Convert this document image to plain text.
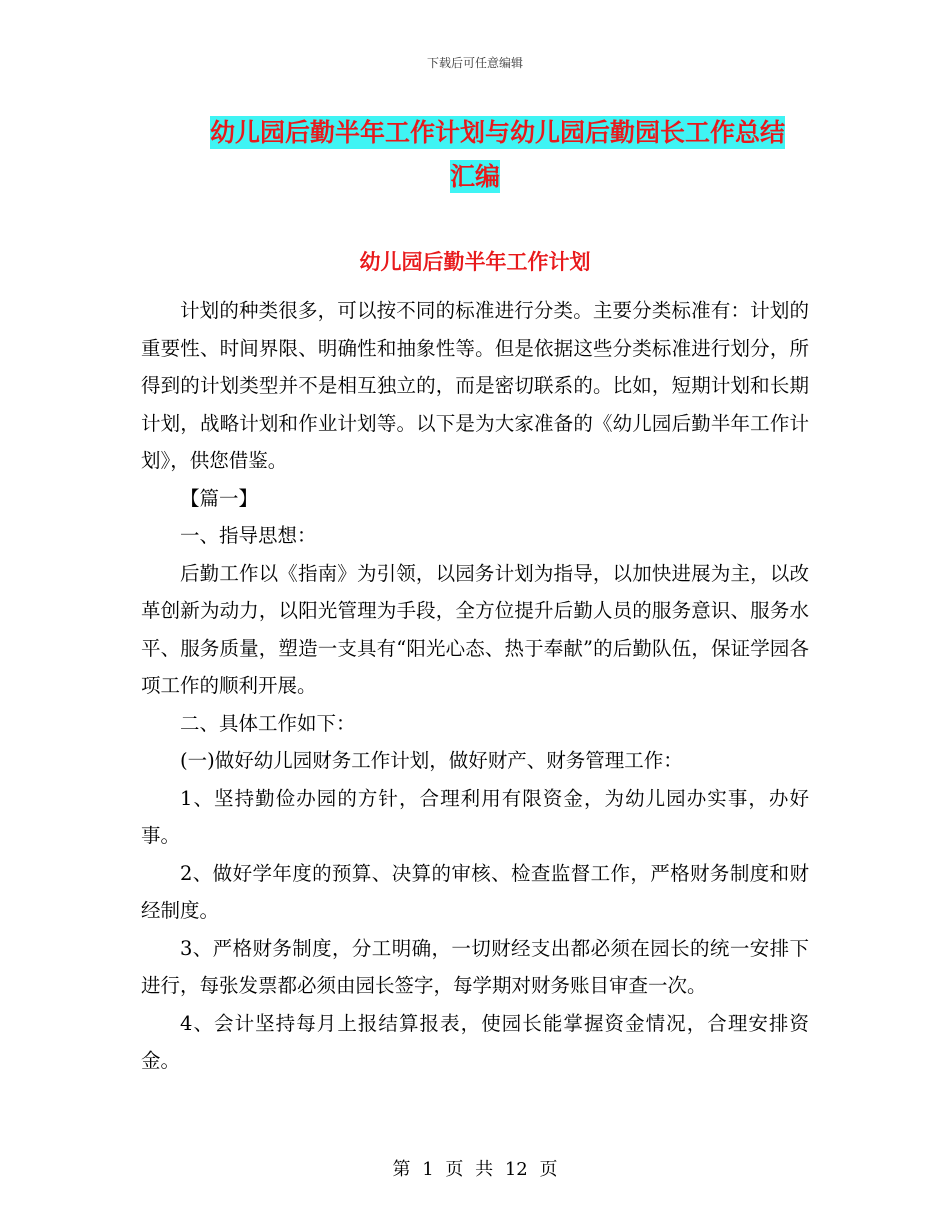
下载后可任意编辑
幼儿园后勤半年工作计划与幼儿园后勤园长工作总结
汇编
幼儿园后勤半年工作计划

计划的种类很多，可以按不同的标准进行分类。主要分类标准有：计划的重要性、时间界限、明确性和抽象性等。但是依据这些分类标准进行划分，所得到的计划类型并不是相互独立的，而是密切联系的。比如，短期计划和长期计划，战略计划和作业计划等。以下是为大家准备的《幼儿园后勤半年工作计划》，供您借鉴。

【篇一】

一、指导思想：

后勤工作以《指南》为引领，以园务计划为指导，以加快进展为主，以改革创新为动力，以阳光管理为手段，全方位提升后勤人员的服务意识、服务水平、服务质量，塑造一支具有“阳光心态、热于奉献”的后勤队伍，保证学园各项工作的顺利开展。

二、具体工作如下：

(一)做好幼儿园财务工作计划，做好财产、财务管理工作：

1、坚持勤俭办园的方针，合理利用有限资金，为幼儿园办实事，办好事。

2、做好学年度的预算、决算的审核、检查监督工作，严格财务制度和财经制度。

3、严格财务制度，分工明确，一切财经支出都必须在园长的统一安排下进行，每张发票都必须由园长签字，每学期对财务账目审查一次。

4、会计坚持每月上报结算报表，使园长能掌握资金情况，合理安排资金。

第 1 页 共 12 页
